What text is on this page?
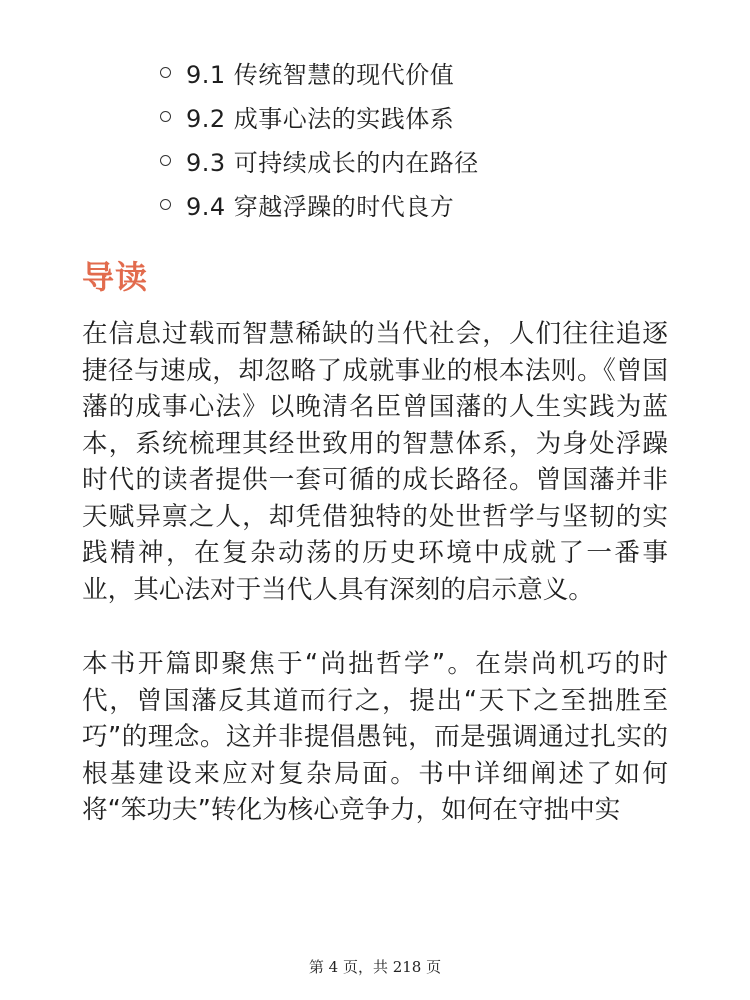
9.1 传统智慧的现代价值
9.2 成事心法的实践体系
9.3 可持续成长的内在路径
9.4 穿越浮躁的时代良方
导读

在信息过载而智慧稀缺的当代社会，人们往往追逐捷径与速成，却忽略了成就事业的根本法则。《曾国藩的成事心法》以晚清名臣曾国藩的人生实践为蓝本，系统梳理其经世致用的智慧体系，为身处浮躁时代的读者提供一套可循的成长路径。曾国藩并非天赋异禀之人，却凭借独特的处世哲学与坚韧的实践精神，在复杂动荡的历史环境中成就了一番事业，其心法对于当代人具有深刻的启示意义。

本书开篇即聚焦于“尚拙哲学”。在崇尚机巧的时代，曾国藩反其道而行之，提出“天下之至拙胜至巧”的理念。这并非提倡愚钝，而是强调通过扎实的根基建设来应对复杂局面。书中详细阐述了如何将“笨功夫”转化为核心竞争力，如何在守拙中实

第 4 页，共 218 页
